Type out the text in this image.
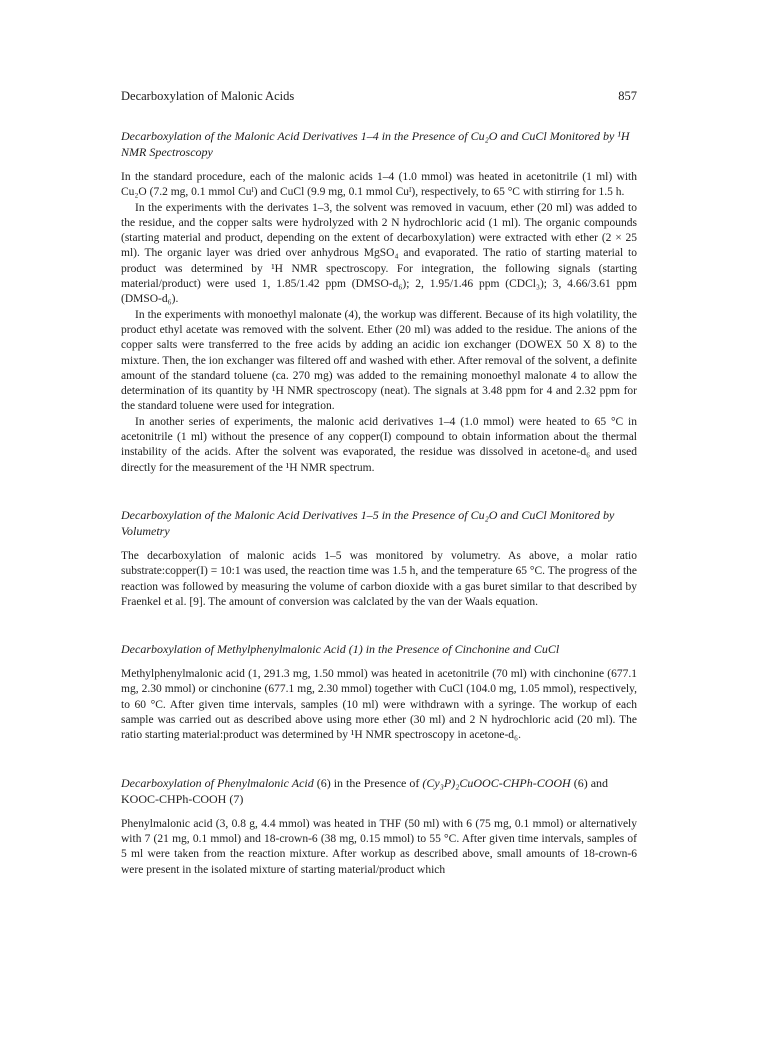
Decarboxylation of Malonic Acids	857

Decarboxylation of the Malonic Acid Derivatives 1–4 in the Presence of Cu₂O and CuCl Monitored by ¹H NMR Spectroscopy

In the standard procedure, each of the malonic acids 1–4 (1.0 mmol) was heated in acetonitrile (1 ml) with Cu₂O (7.2 mg, 0.1 mmol Cuᴵ) and CuCl (9.9 mg, 0.1 mmol Cuᴵ), respectively, to 65 °C with stirring for 1.5 h.

In the experiments with the derivates 1–3, the solvent was removed in vacuum, ether (20 ml) was added to the residue, and the copper salts were hydrolyzed with 2 N hydrochloric acid (1 ml). The organic compounds (starting material and product, depending on the extent of decarboxylation) were extracted with ether (2 × 25 ml). The organic layer was dried over anhydrous MgSO₄ and evaporated. The ratio of starting material to product was determined by ¹H NMR spectroscopy. For integration, the following signals (starting material/product) were used 1, 1.85/1.42 ppm (DMSO-d₆); 2, 1.95/1.46 ppm (CDCl₃); 3, 4.66/3.61 ppm (DMSO-d₆).

In the experiments with monoethyl malonate (4), the workup was different. Because of its high volatility, the product ethyl acetate was removed with the solvent. Ether (20 ml) was added to the residue. The anions of the copper salts were transferred to the free acids by adding an acidic ion exchanger (DOWEX 50 X 8) to the mixture. Then, the ion exchanger was filtered off and washed with ether. After removal of the solvent, a definite amount of the standard toluene (ca. 270 mg) was added to the remaining monoethyl malonate 4 to allow the determination of its quantity by ¹H NMR spectroscopy (neat). The signals at 3.48 ppm for 4 and 2.32 ppm for the standard toluene were used for integration.

In another series of experiments, the malonic acid derivatives 1–4 (1.0 mmol) were heated to 65 °C in acetonitrile (1 ml) without the presence of any copper(I) compound to obtain information about the thermal instability of the acids. After the solvent was evaporated, the residue was dissolved in acetone-d₆ and used directly for the measurement of the ¹H NMR spectrum.

Decarboxylation of the Malonic Acid Derivatives 1–5 in the Presence of Cu₂O and CuCl Monitored by Volumetry

The decarboxylation of malonic acids 1–5 was monitored by volumetry. As above, a molar ratio substrate:copper(I) = 10:1 was used, the reaction time was 1.5 h, and the temperature 65 °C. The progress of the reaction was followed by measuring the volume of carbon dioxide with a gas buret similar to that described by Fraenkel et al. [9]. The amount of conversion was calclated by the van der Waals equation.

Decarboxylation of Methylphenylmalonic Acid (1) in the Presence of Cinchonine and CuCl

Methylphenylmalonic acid (1, 291.3 mg, 1.50 mmol) was heated in acetonitrile (70 ml) with cinchonine (677.1 mg, 2.30 mmol) or cinchonine (677.1 mg, 2.30 mmol) together with CuCl (104.0 mg, 1.05 mmol), respectively, to 60 °C. After given time intervals, samples (10 ml) were withdrawn with a syringe. The workup of each sample was carried out as described above using more ether (30 ml) and 2 N hydrochloric acid (20 ml). The ratio starting material:product was determined by ¹H NMR spectroscopy in acetone-d₆.

Decarboxylation of Phenylmalonic Acid (6) in the Presence of (Cy₃P)₂CuOOC-CHPh-COOH (6) and KOOC-CHPh-COOH (7)

Phenylmalonic acid (3, 0.8 g, 4.4 mmol) was heated in THF (50 ml) with 6 (75 mg, 0.1 mmol) or alternatively with 7 (21 mg, 0.1 mmol) and 18-crown-6 (38 mg, 0.15 mmol) to 55 °C. After given time intervals, samples of 5 ml were taken from the reaction mixture. After workup as described above, small amounts of 18-crown-6 were present in the isolated mixture of starting material/product which
